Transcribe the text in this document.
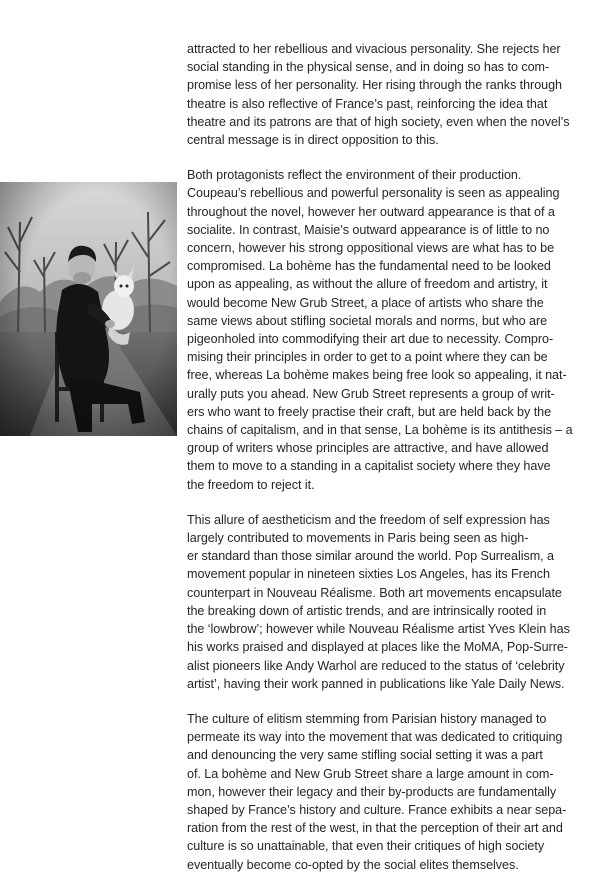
attracted to her rebellious and vivacious personality. She rejects her
social standing in the physical sense, and in doing so has to com-
promise less of her personality. Her rising through the ranks through
theatre is also reflective of France’s past, reinforcing the idea that
theatre and its patrons are that of high society, even when the novel’s
central message is in direct opposition to this.

Both protagonists reflect the environment of their production.
Coupeau’s rebellious and powerful personality is seen as appealing
throughout the novel, however her outward appearance is that of a
socialite. In contrast, Maisie’s outward appearance is of little to no
concern, however his strong oppositional views are what has to be
compromised. La bohème has the fundamental need to be looked
upon as appealing, as without the allure of freedom and artistry, it
would become New Grub Street, a place of artists who share the
same views about stifling societal morals and norms, but who are
pigeonholed into commodifying their art due to necessity. Compro-
mising their principles in order to get to a point where they can be
free, whereas La bohème makes being free look so appealing, it nat-
urally puts you ahead. New Grub Street represents a group of writ-
ers who want to freely practise their craft, but are held back by the
chains of capitalism, and in that sense, La bohème is its antithesis – a
group of writers whose principles are attractive, and have allowed
them to move to a standing in a capitalist society where they have
the freedom to reject it.

This allure of aestheticism and the freedom of self expression has
largely contributed to movements in Paris being seen as high-
er standard than those similar around the world. Pop Surrealism, a
movement popular in nineteen sixties Los Angeles, has its French
counterpart in Nouveau Réalisme. Both art movements encapsulate
the breaking down of artistic trends, and are intrinsically rooted in
the ‘lowbrow’; however while Nouveau Réalisme artist Yves Klein has
his works praised and displayed at places like the MoMA, Pop-Surre-
alist pioneers like Andy Warhol are reduced to the status of ‘celebrity
artist’, having their work panned in publications like Yale Daily News.

The culture of elitism stemming from Parisian history managed to
permeate its way into the movement that was dedicated to critiquing
and denouncing the very same stifling social setting it was a part
of. La bohème and New Grub Street share a large amount in com-
mon, however their legacy and their by-products are fundamentally
shaped by France’s history and culture. France exhibits a near sepa-
ration from the rest of the west, in that the perception of their art and
culture is so unattainable, that even their critiques of high society
eventually become co-opted by the social elites themselves.
